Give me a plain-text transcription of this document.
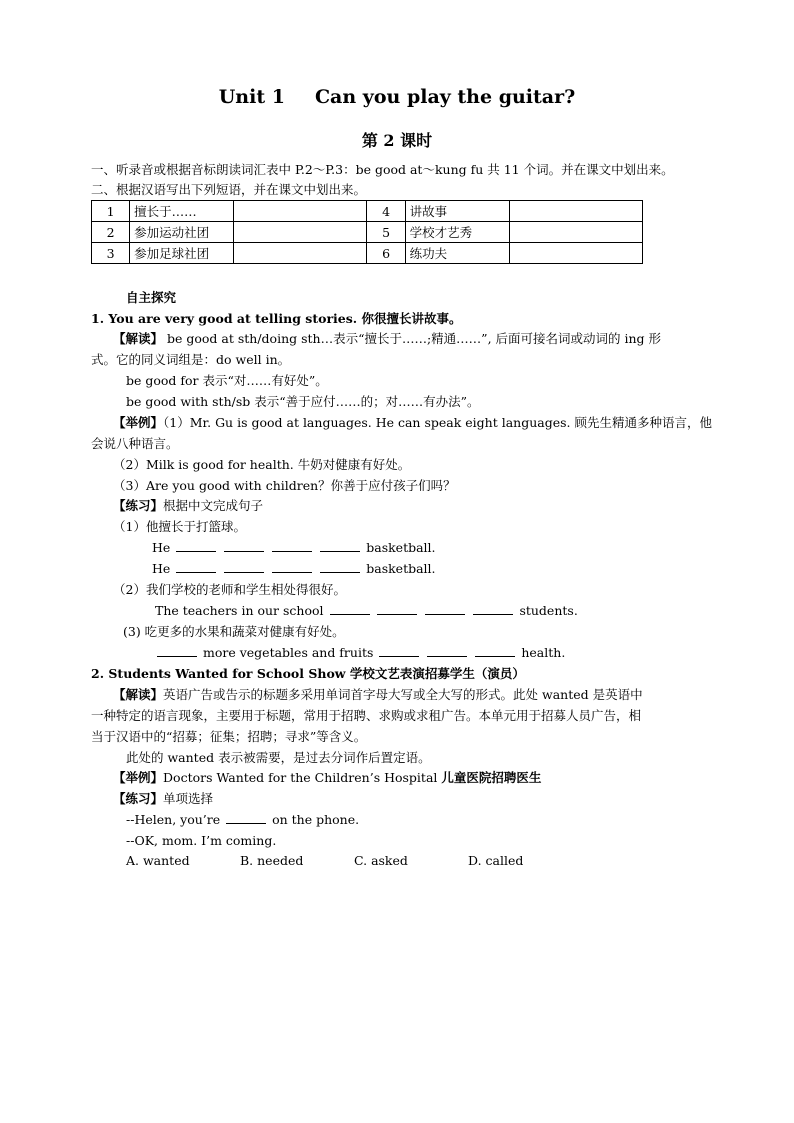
Unit 1 Can you play the guitar?
第 2 课时
一、听录音或根据音标朗读词汇表中 P.2～P.3：be good at～kung fu 共 11 个词。并在课文中划出来。
二、根据汉语写出下列短语，并在课文中划出来。
1	擅长于……		4	讲故事	
2	参加运动社团		5	学校才艺秀	
3	参加足球社团		6	练功夫	
自主探究
1. You are very good at telling stories. 你很擅长讲故事。
【解读】 be good at sth/doing sth…表示“擅长于……;精通……”, 后面可接名词或动词的 ing 形
式。它的同义词组是：do well in。
be good for 表示“对……有好处”。
be good with sth/sb 表示“善于应付……的；对……有办法”。
【举例】（1）Mr. Gu is good at languages. He can speak eight languages. 顾先生精通多种语言，他
会说八种语言。
（2）Milk is good for health. 牛奶对健康有好处。
（3）Are you good with children？你善于应付孩子们吗？
【练习】根据中文完成句子
（1）他擅长于打篮球。
He	basketball.
He	basketball.
（2）我们学校的老师和学生相处得很好。
The teachers in our school	students.
(3) 吃更多的水果和蔬菜对健康有好处。
more vegetables and fruits	health.
2. Students Wanted for School Show 学校文艺表演招募学生（演员）
【解读】英语广告或告示的标题多采用单词首字母大写或全大写的形式。此处 wanted 是英语中
一种特定的语言现象，主要用于标题，常用于招聘、求购或求租广告。本单元用于招募人员广告，相
当于汉语中的“招募；征集；招聘；寻求”等含义。
此处的 wanted 表示被需要，是过去分词作后置定语。
【举例】Doctors Wanted for the Children’s Hospital 儿童医院招聘医生
【练习】单项选择
--Helen, you’re	on the phone.
--OK, mom. I’m coming.
A. wanted	B. needed	C. asked	D. called
